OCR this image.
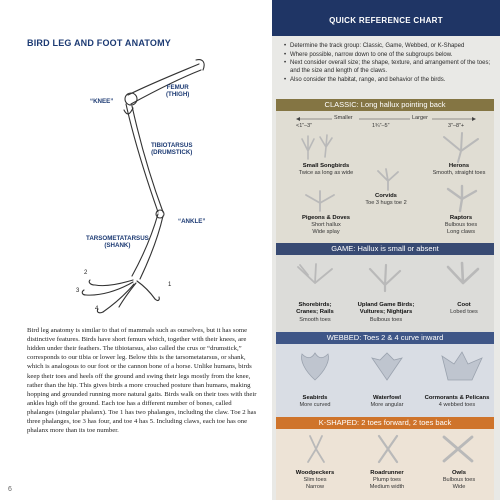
BIRD LEG AND FOOT ANATOMY
“KNEE”
FEMUR
(THIGH)
TIBIOTARSUS
(DRUMSTICK)
“ANKLE”
TARSOMETATARSUS
(SHANK)
1
2
3
4

Bird leg anatomy is similar to that of mammals such as ourselves, but it has some distinctive features. Birds have short femurs which, together with their knees, are hidden under their feathers. The tibiotarsus, also called the crus or “drumstick,” corresponds to our tibia or lower leg. Below this is the tarsometatarsus, or shank, which is analogous to our foot or the cannon bone of a horse. Unlike humans, birds keep their toes and heels off the ground and swing their legs mostly from the knee, rather than the hip. This gives birds a more crouched posture than humans, making hopping and grounded running more natural gaits. Birds walk on their toes with their ankles high off the ground. Each toe has a different number of bones, called phalanges (singular phalanx). Toe 1 has two phalanges, including the claw. Toe 2 has three phalanges, toe 3 has four, and toe 4 has 5. Including claws, each toe has one phalanx more than its toe number.

6
QUICK REFERENCE CHART
• Determine the track group: Classic, Game, Webbed, or K-Shaped
• Where possible, narrow down to one of the subgroups below.
• Next consider overall size; the shape, texture, and arrangement of the toes; and the size and length of the claws.
• Also consider the habitat, range, and behavior of the birds.
CLASSIC: Long hallux pointing back
Smaller	Larger
<1”–3”	1¾”–5”	3”–8”+
Small Songbirds
Twice as long as wide
Herons
Smooth, straight toes
Corvids
Toe 3 hugs toe 2
Pigeons & Doves
Short hallux
Wide splay
Raptors
Bulbous toes
Long claws
GAME: Hallux is small or absent
Shorebirds;
Cranes; Rails
Smooth toes
Upland Game Birds;
Vultures; Nightjars
Bulbous toes
Coot
Lobed toes
WEBBED: Toes 2 & 4 curve inward
Seabirds
More curved
Waterfowl
More angular
Cormorants & Pelicans
4 webbed toes
K-SHAPED: 2 toes forward, 2 toes back
Woodpeckers
Slim toes
Narrow
Roadrunner
Plump toes
Medium width
Owls
Bulbous toes
Wide
